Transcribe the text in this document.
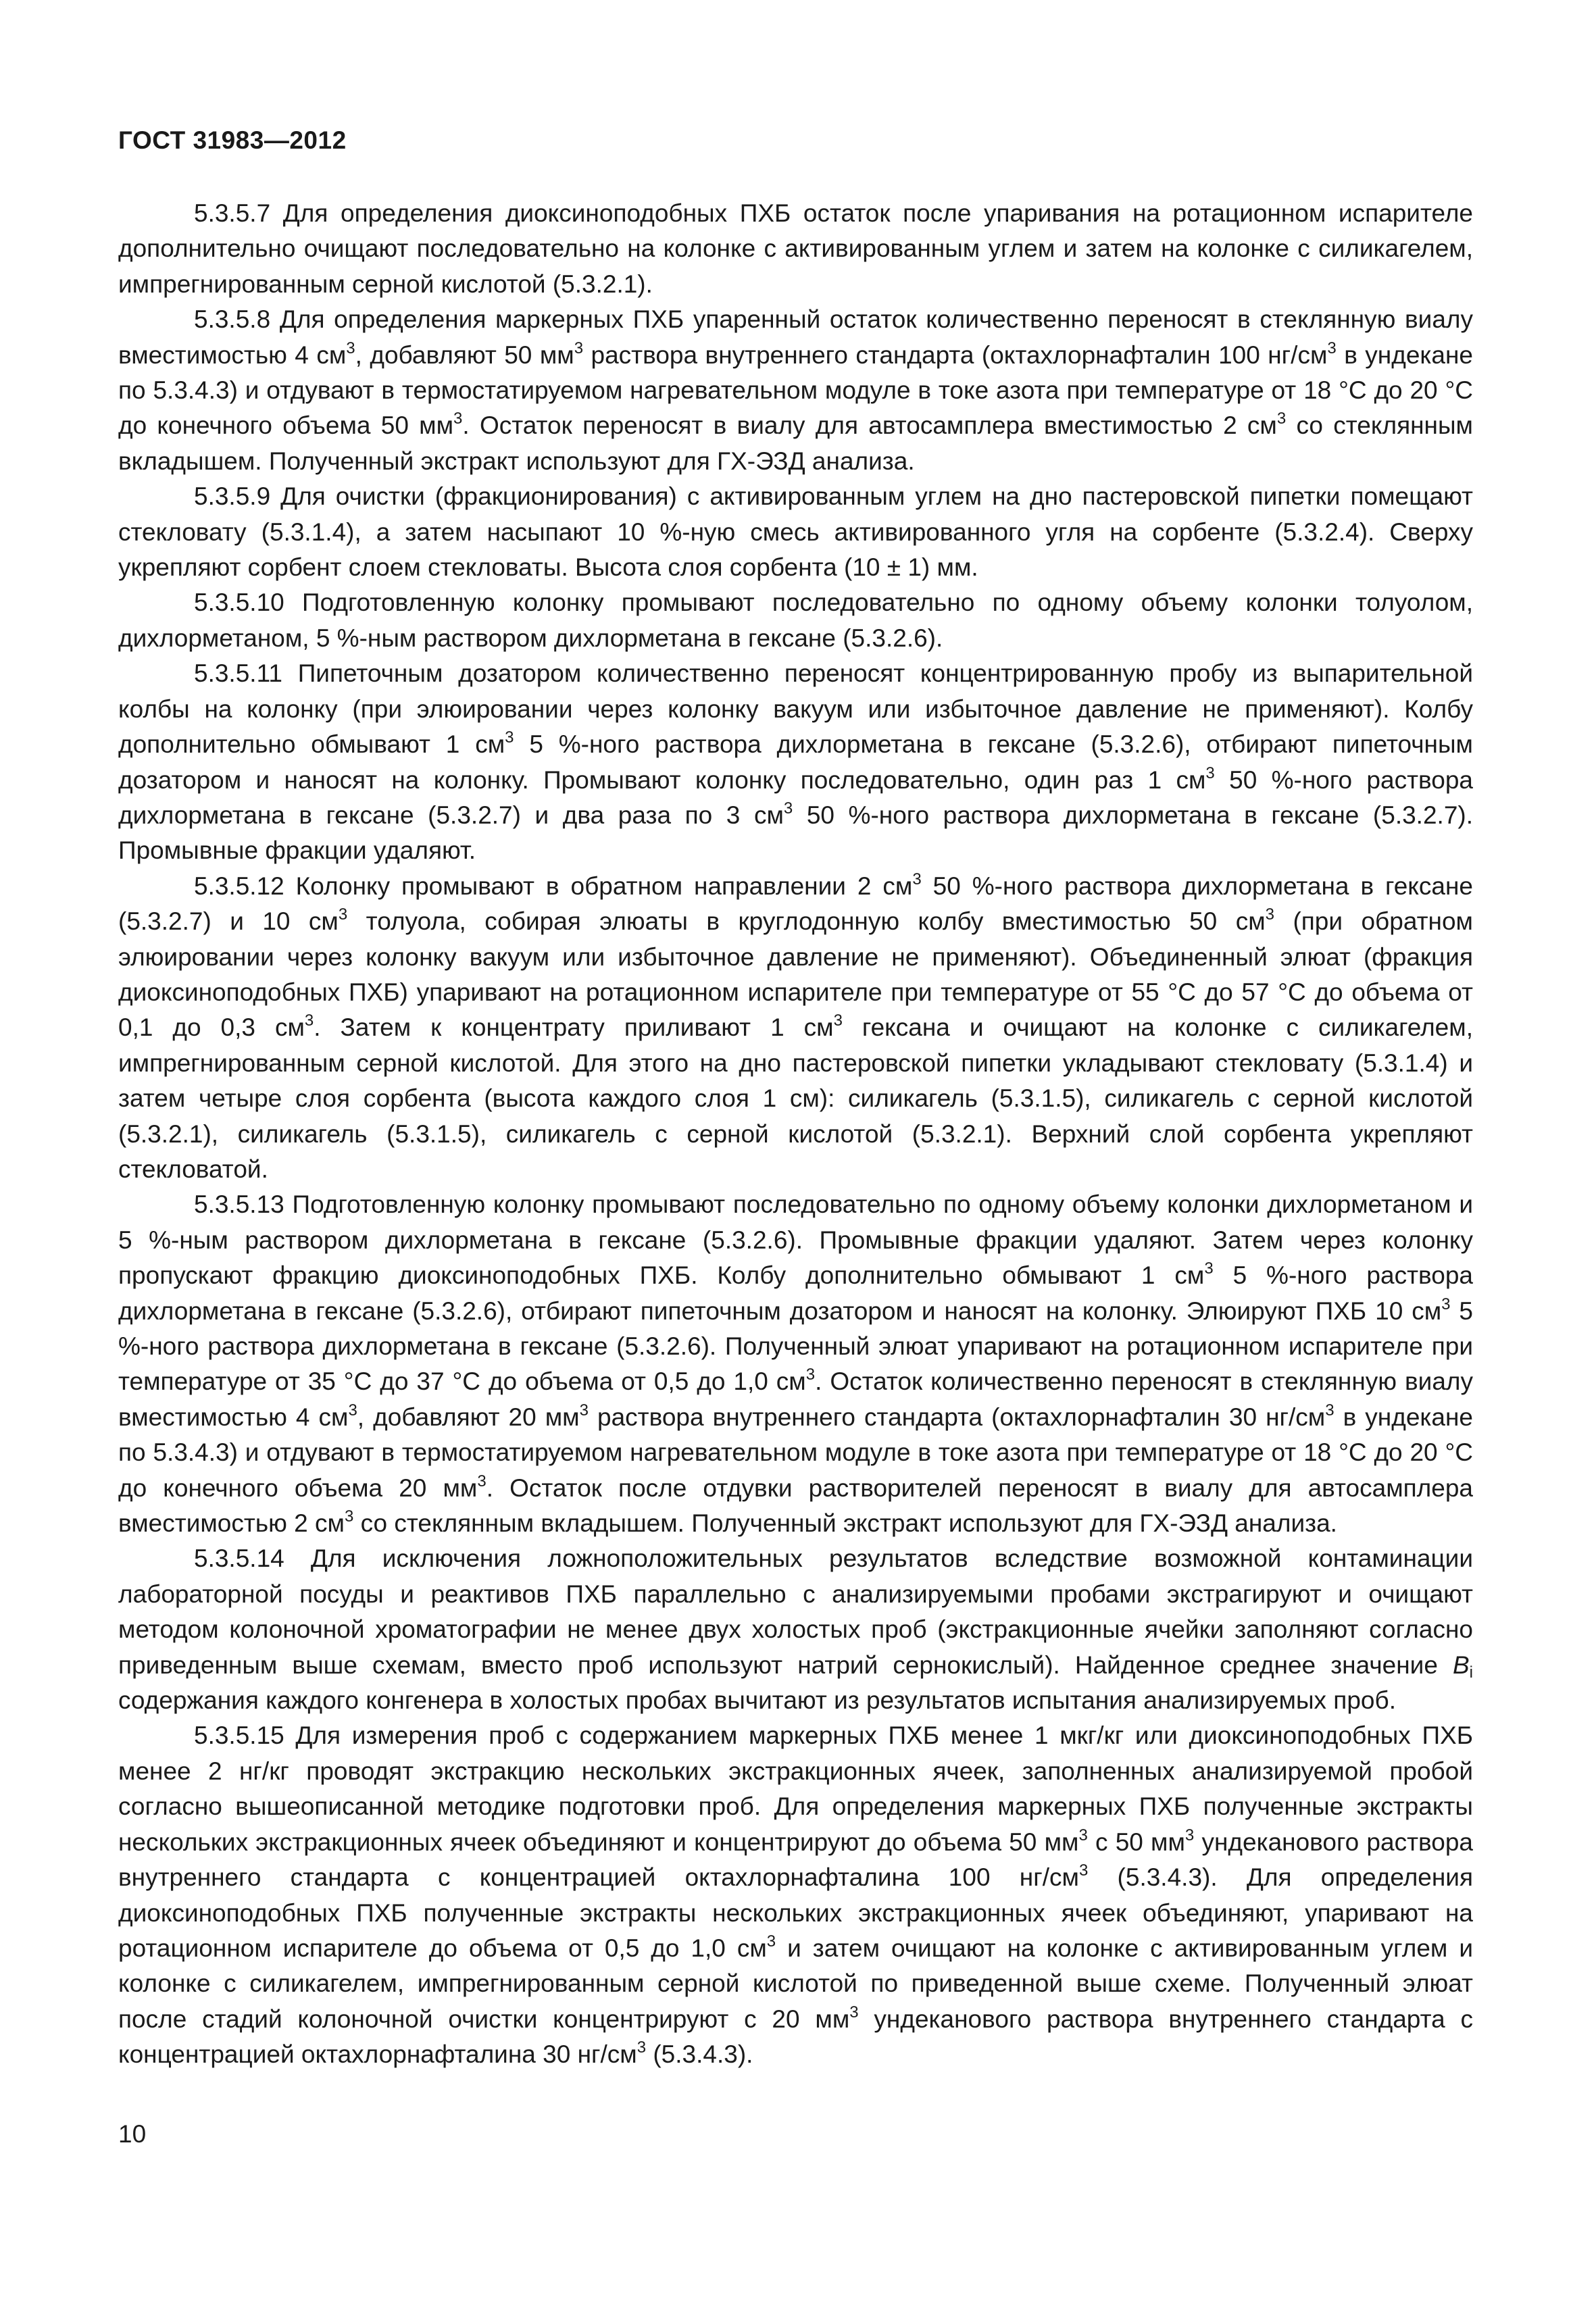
ГОСТ 31983—2012

5.3.5.7 Для определения диоксиноподобных ПХБ остаток после упаривания на ротационном испарителе дополнительно очищают последовательно на колонке с активированным углем и затем на колонке с силикагелем, импрегнированным серной кислотой (5.3.2.1).

5.3.5.8 Для определения маркерных ПХБ упаренный остаток количественно переносят в стеклянную виалу вместимостью 4 $см^3$, добавляют 50 $мм^3$ раствора внутреннего стандарта (октахлорнафталин 100 $нг/см^3$ в ундекане по 5.3.4.3) и отдувают в термостатируемом нагревательном модуле в токе азота при температуре от 18 °С до 20 °С до конечного объема 50 $мм^3$. Остаток переносят в виалу для автосамплера вместимостью 2 $см^3$ со стеклянным вкладышем. Полученный экстракт используют для ГХ-ЭЗД анализа.

5.3.5.9 Для очистки (фракционирования) с активированным углем на дно пастеровской пипетки помещают стекловату (5.3.1.4), а затем насыпают 10 %-ную смесь активированного угля на сорбенте (5.3.2.4). Сверху укрепляют сорбент слоем стекловаты. Высота слоя сорбента (10 ± 1) мм.

5.3.5.10 Подготовленную колонку промывают последовательно по одному объему колонки толуолом, дихлорметаном, 5 %-ным раствором дихлорметана в гексане (5.3.2.6).

5.3.5.11 Пипеточным дозатором количественно переносят концентрированную пробу из выпарительной колбы на колонку (при элюировании через колонку вакуум или избыточное давление не применяют). Колбу дополнительно обмывают 1 $см^3$ 5 %-ного раствора дихлорметана в гексане (5.3.2.6), отбирают пипеточным дозатором и наносят на колонку. Промывают колонку последовательно, один раз 1 $см^3$ 50 %-ного раствора дихлорметана в гексане (5.3.2.7) и два раза по 3 $см^3$ 50 %-ного раствора дихлорметана в гексане (5.3.2.7). Промывные фракции удаляют.

5.3.5.12 Колонку промывают в обратном направлении 2 $см^3$ 50 %-ного раствора дихлорметана в гексане (5.3.2.7) и 10 $см^3$ толуола, собирая элюаты в круглодонную колбу вместимостью 50 $см^3$ (при обратном элюировании через колонку вакуум или избыточное давление не применяют). Объединенный элюат (фракция диоксиноподобных ПХБ) упаривают на ротационном испарителе при температуре от 55 °С до 57 °С до объема от 0,1 до 0,3 $см^3$. Затем к концентрату приливают 1 $см^3$ гексана и очищают на колонке с силикагелем, импрегнированным серной кислотой. Для этого на дно пастеровской пипетки укладывают стекловату (5.3.1.4) и затем четыре слоя сорбента (высота каждого слоя 1 см): силикагель (5.3.1.5), силикагель с серной кислотой (5.3.2.1), силикагель (5.3.1.5), силикагель с серной кислотой (5.3.2.1). Верхний слой сорбента укрепляют стекловатой.

5.3.5.13 Подготовленную колонку промывают последовательно по одному объему колонки дихлорметаном и 5 %-ным раствором дихлорметана в гексане (5.3.2.6). Промывные фракции удаляют. Затем через колонку пропускают фракцию диоксиноподобных ПХБ. Колбу дополнительно обмывают 1 $см^3$ 5 %-ного раствора дихлорметана в гексане (5.3.2.6), отбирают пипеточным дозатором и наносят на колонку. Элюируют ПХБ 10 $см^3$ 5 %-ного раствора дихлорметана в гексане (5.3.2.6). Полученный элюат упаривают на ротационном испарителе при температуре от 35 °С до 37 °С до объема от 0,5 до 1,0 $см^3$. Остаток количественно переносят в стеклянную виалу вместимостью 4 $см^3$, добавляют 20 $мм^3$ раствора внутреннего стандарта (октахлорнафталин 30 $нг/см^3$ в ундекане по 5.3.4.3) и отдувают в термостатируемом нагревательном модуле в токе азота при температуре от 18 °С до 20 °С до конечного объема 20 $мм^3$. Остаток после отдувки растворителей переносят в виалу для автосамплера вместимостью 2 $см^3$ со стеклянным вкладышем. Полученный экстракт используют для ГХ-ЭЗД анализа.

5.3.5.14 Для исключения ложноположительных результатов вследствие возможной контаминации лабораторной посуды и реактивов ПХБ параллельно с анализируемыми пробами экстрагируют и очищают методом колоночной хроматографии не менее двух холостых проб (экстракционные ячейки заполняют согласно приведенным выше схемам, вместо проб используют натрий сернокислый). Найденное среднее значение $B_i$ содержания каждого конгенера в холостых пробах вычитают из результатов испытания анализируемых проб.

5.3.5.15 Для измерения проб с содержанием маркерных ПХБ менее 1 мкг/кг или диоксиноподобных ПХБ менее 2 нг/кг проводят экстракцию нескольких экстракционных ячеек, заполненных анализируемой пробой согласно вышеописанной методике подготовки проб. Для определения маркерных ПХБ полученные экстракты нескольких экстракционных ячеек объединяют и концентрируют до объема 50 $мм^3$ с 50 $мм^3$ ундеканового раствора внутреннего стандарта с концентрацией октахлорнафталина 100 $нг/см^3$ (5.3.4.3). Для определения диоксиноподобных ПХБ полученные экстракты нескольких экстракционных ячеек объединяют, упаривают на ротационном испарителе до объема от 0,5 до 1,0 $см^3$ и затем очищают на колонке с активированным углем и колонке с силикагелем, импрегнированным серной кислотой по приведенной выше схеме. Полученный элюат после стадий колоночной очистки концентрируют с 20 $мм^3$ ундеканового раствора внутреннего стандарта с концентрацией октахлорнафталина 30 $нг/см^3$ (5.3.4.3).

10
